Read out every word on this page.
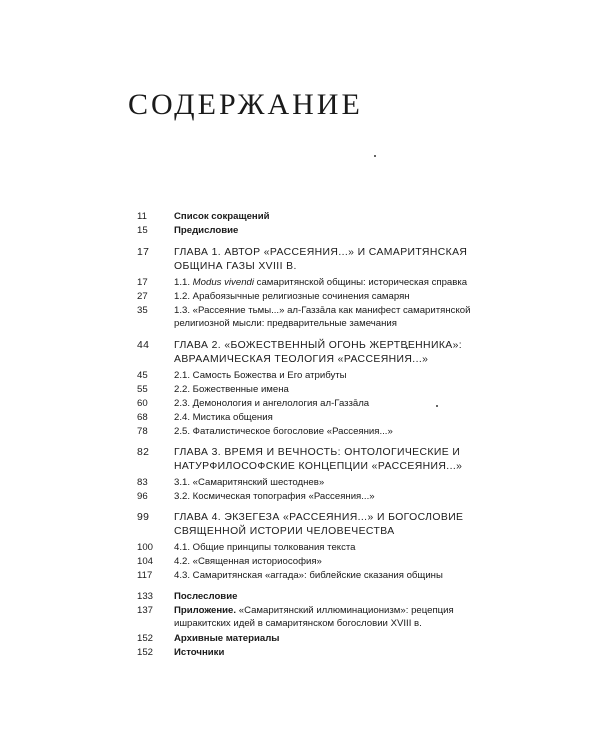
СОДЕРЖАНИЕ
11	Список сокращений
15	Предисловие
17	ГЛАВА 1. АВТОР «РАССЕЯНИЯ...» И САМАРИТЯНСКАЯ ОБЩИНА ГАЗЫ XVIII В.
17	1.1. Modus vivendi самаритянской общины: историческая справка
27	1.2. Арабоязычные религиозные сочинения самарян
35	1.3. «Рассеяние тьмы...» ал-Газзāла как манифест самаритянской религиозной мысли: предварительные замечания
44	ГЛАВА 2. «БОЖЕСТВЕННЫЙ ОГОНЬ ЖЕРТВЕННИКА»: АВРААМИЧЕСКАЯ ТЕОЛОГИЯ «РАССЕЯНИЯ...»
45	2.1. Самость Божества и Его атрибуты
55	2.2. Божественные имена
60	2.3. Демонология и ангелология ал-Газзāла
68	2.4. Мистика общения
78	2.5. Фаталистическое богословие «Рассеяния...»
82	ГЛАВА 3. ВРЕМЯ И ВЕЧНОСТЬ: ОНТОЛОГИЧЕСКИЕ И НАТУРФИЛОСОФСКИЕ КОНЦЕПЦИИ «РАССЕЯНИЯ...»
83	3.1. «Самаритянский шестоднев»
96	3.2. Космическая топография «Рассеяния...»
99	ГЛАВА 4. ЭКЗЕГЕЗА «РАССЕЯНИЯ...» И БОГОСЛОВИЕ СВЯЩЕННОЙ ИСТОРИИ ЧЕЛОВЕЧЕСТВА
100	4.1. Общие принципы толкования текста
104	4.2. «Священная историософия»
117	4.3. Самаритянская «аггада»: библейские сказания общины
133	Послесловие
137	Приложение. «Самаритянский иллюминационизм»: рецепция ишракитских идей в самаритянском богословии XVIII в.
152	Архивные материалы
152	Источники
